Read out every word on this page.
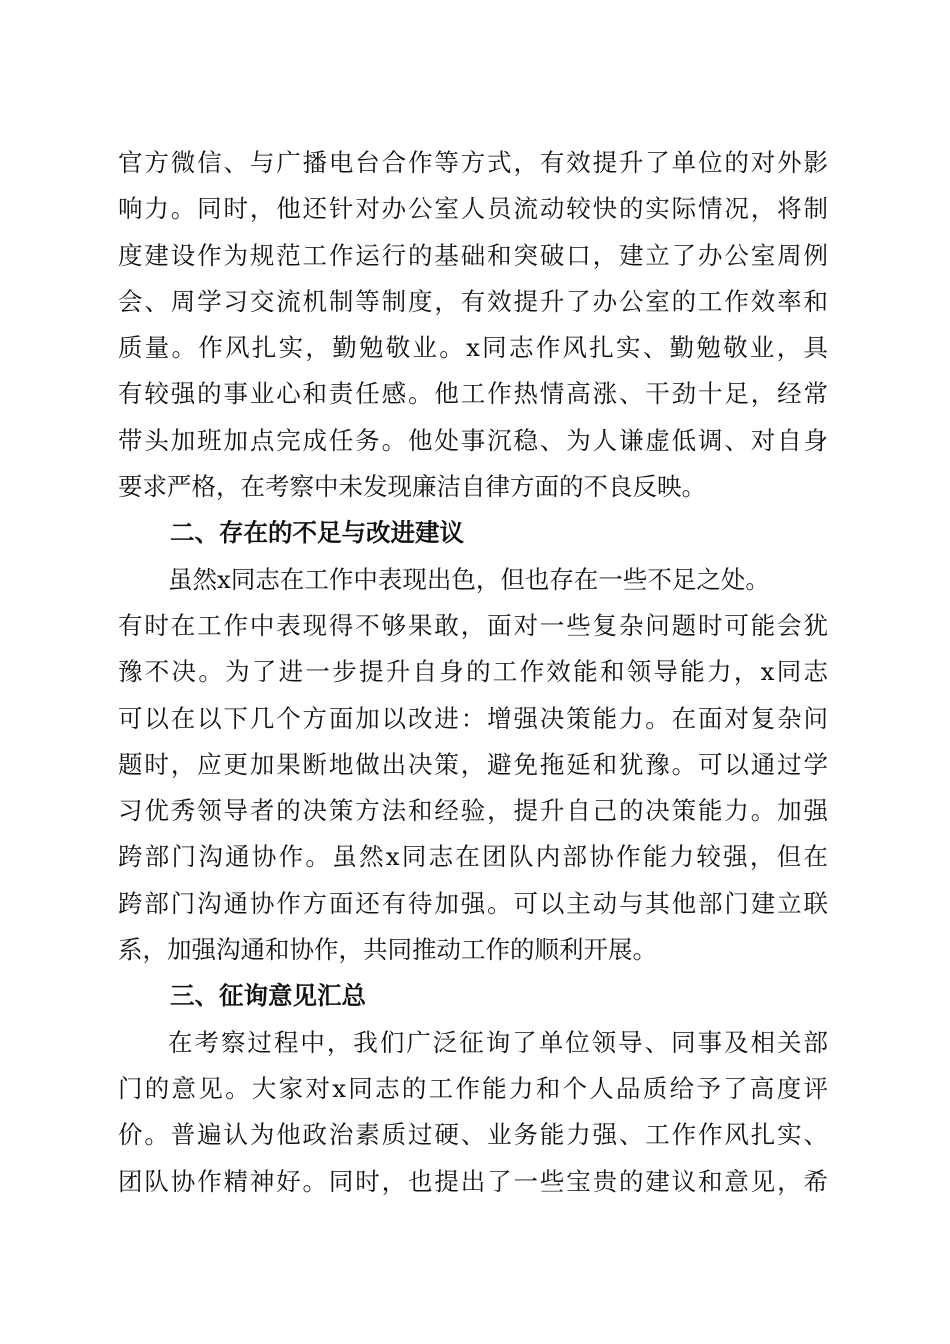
官方微信、与广播电台合作等方式，有效提升了单位的对外影
响力。同时，他还针对办公室人员流动较快的实际情况，将制
度建设作为规范工作运行的基础和突破口，建立了办公室周例
会、周学习交流机制等制度，有效提升了办公室的工作效率和
质量。作风扎实，勤勉敬业。x同志作风扎实、勤勉敬业，具
有较强的事业心和责任感。他工作热情高涨、干劲十足，经常
带头加班加点完成任务。他处事沉稳、为人谦虚低调、对自身
要求严格，在考察中未发现廉洁自律方面的不良反映。
二、存在的不足与改进建议
虽然x同志在工作中表现出色，但也存在一些不足之处。
有时在工作中表现得不够果敢，面对一些复杂问题时可能会犹
豫不决。为了进一步提升自身的工作效能和领导能力，x同志
可以在以下几个方面加以改进：增强决策能力。在面对复杂问
题时，应更加果断地做出决策，避免拖延和犹豫。可以通过学
习优秀领导者的决策方法和经验，提升自己的决策能力。加强
跨部门沟通协作。虽然x同志在团队内部协作能力较强，但在
跨部门沟通协作方面还有待加强。可以主动与其他部门建立联
系，加强沟通和协作，共同推动工作的顺利开展。
三、征询意见汇总
在考察过程中，我们广泛征询了单位领导、同事及相关部
门的意见。大家对x同志的工作能力和个人品质给予了高度评
价。普遍认为他政治素质过硬、业务能力强、工作作风扎实、
团队协作精神好。同时，也提出了一些宝贵的建议和意见，希
